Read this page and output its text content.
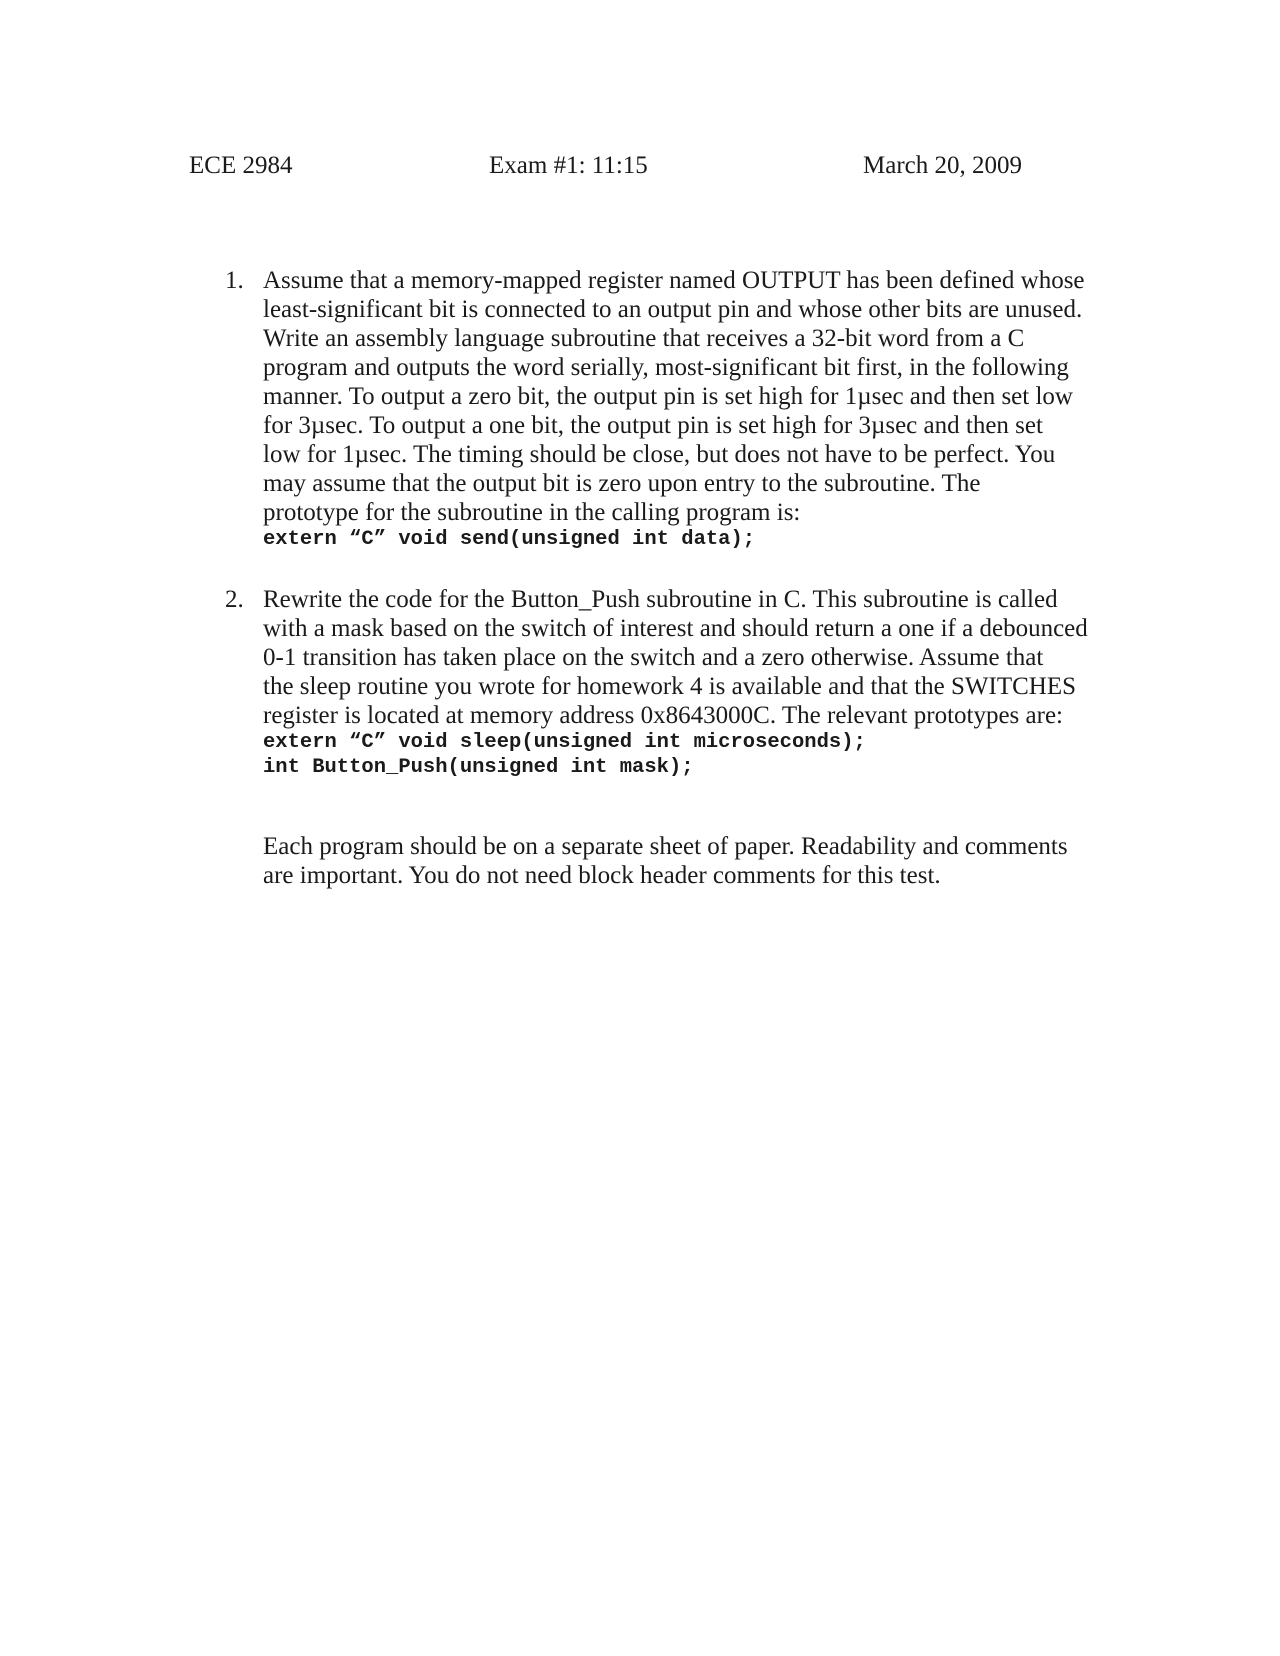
ECE 2984	Exam #1: 11:15	March 20, 2009
1. Assume that a memory-mapped register named OUTPUT has been defined whose
least-significant bit is connected to an output pin and whose other bits are unused.
Write an assembly language subroutine that receives a 32-bit word from a C
program and outputs the word serially, most-significant bit first, in the following
manner. To output a zero bit, the output pin is set high for 1µsec and then set low
for 3µsec. To output a one bit, the output pin is set high for 3µsec and then set
low for 1µsec. The timing should be close, but does not have to be perfect. You
may assume that the output bit is zero upon entry to the subroutine. The
prototype for the subroutine in the calling program is:
extern “C” void send(unsigned int data);
2. Rewrite the code for the Button_Push subroutine in C. This subroutine is called
with a mask based on the switch of interest and should return a one if a debounced
0-1 transition has taken place on the switch and a zero otherwise. Assume that
the sleep routine you wrote for homework 4 is available and that the SWITCHES
register is located at memory address 0x8643000C. The relevant prototypes are:
extern “C” void sleep(unsigned int microseconds);
int Button_Push(unsigned int mask);
Each program should be on a separate sheet of paper. Readability and comments
are important. You do not need block header comments for this test.
